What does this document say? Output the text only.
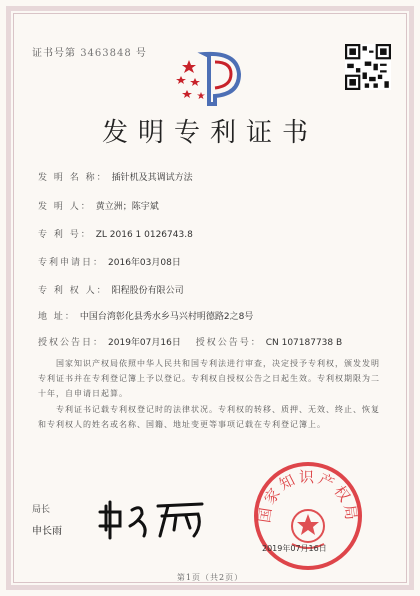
证书号第 3463848 号
发明专利证书
发 明 名 称： 插针机及其调试方法
发 明 人： 黄立洲；陈宇斌
专 利 号： ZL 2016 1 0126743.8
专利申请日： 2016年03月08日
专 利 权 人： 阳程股份有限公司
地 址： 中国台湾彰化县秀水乡马兴村明德路2之8号
授权公告日： 2019年07月16日 授权公告号： CN 107187738 B
国家知识产权局依照中华人民共和国专利法进行审查，决定授予专利权，颁发发明专利证书并在专利登记簿上予以登记。专利权自授权公告之日起生效。专利权期限为二十年，自申请日起算。
专利证书记载专利权登记时的法律状况。专利权的转移、质押、无效、终止、恢复和专利权人的姓名或名称、国籍、地址变更等事项记载在专利登记簿上。
局长
申长雨
国家知识产权局
2019年07月16日
第1页（共2页）
